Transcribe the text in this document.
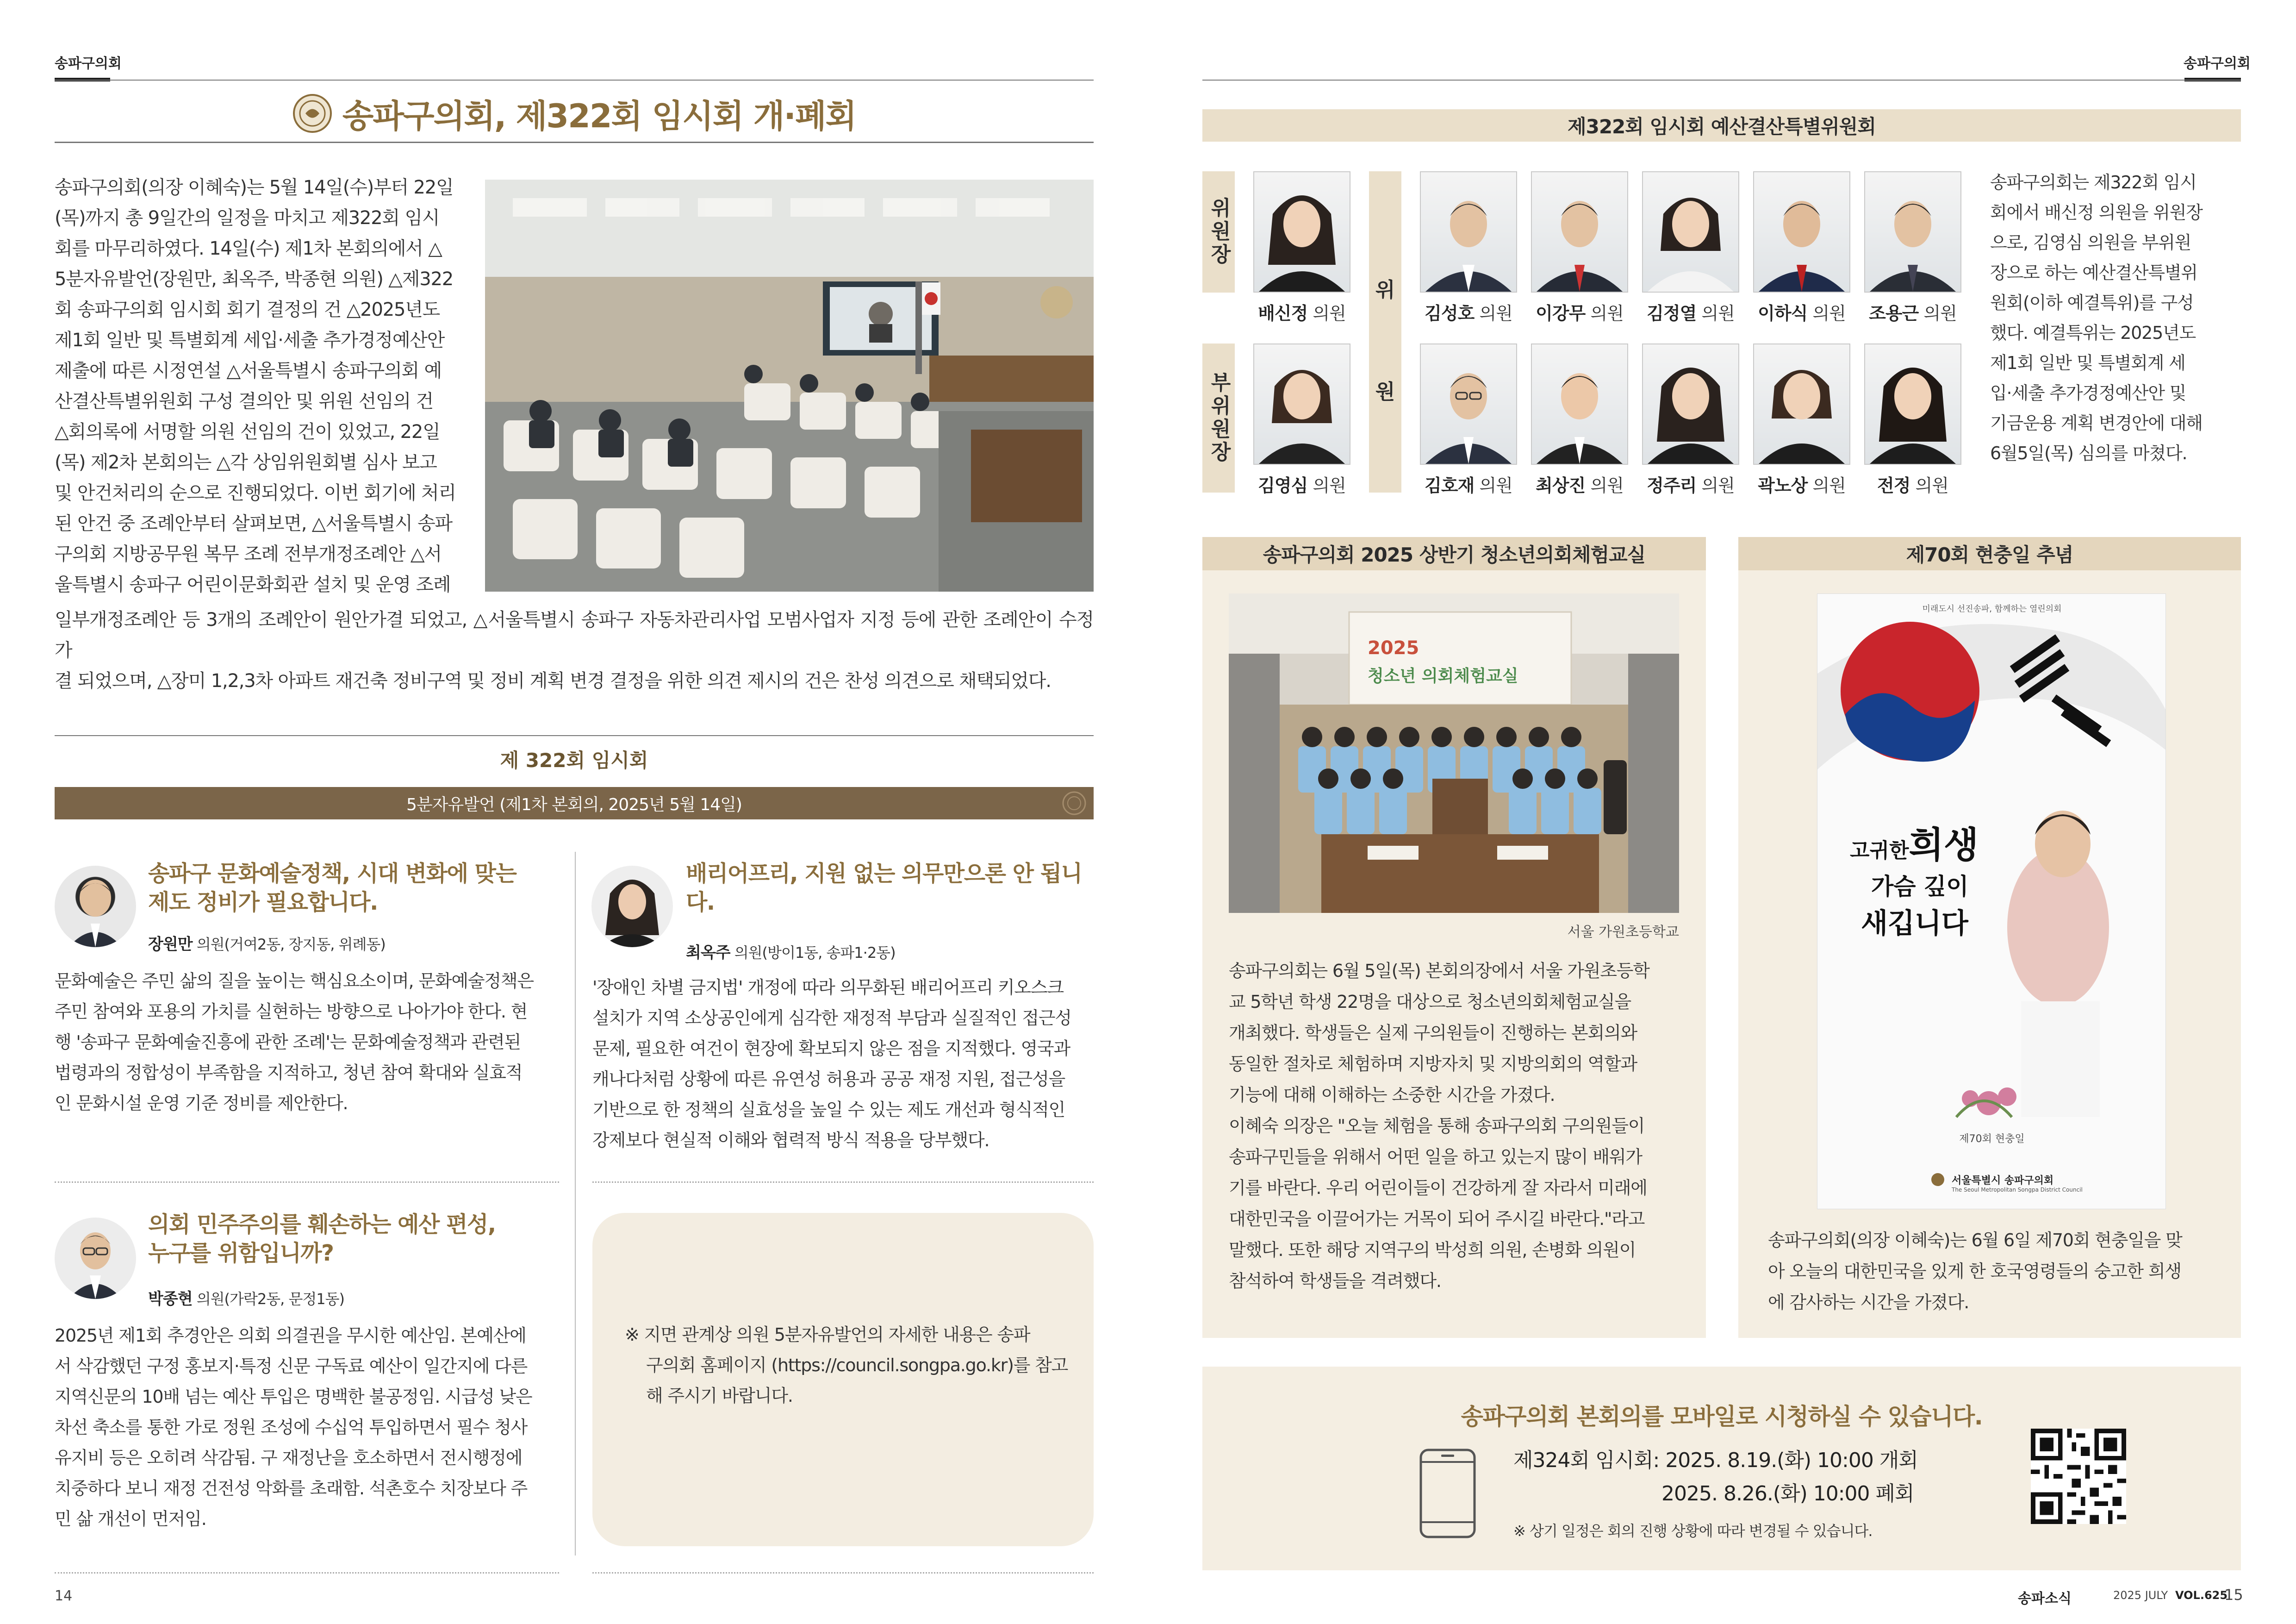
송파구의회
송파구의회, 제322회 임시회 개·폐회
송파구의회(의장 이혜숙)는 5월 14일(수)부터 22일
(목)까지 총 9일간의 일정을 마치고 제322회 임시
회를 마무리하였다. 14일(수) 제1차 본회의에서 △
5분자유발언(장원만, 최옥주, 박종현 의원) △제322
회 송파구의회 임시회 회기 결정의 건 △2025년도
제1회 일반 및 특별회계 세입·세출 추가경정예산안
제출에 따른 시정연설 △서울특별시 송파구의회 예
산결산특별위원회 구성 결의안 및 위원 선임의 건
△회의록에 서명할 의원 선임의 건이 있었고, 22일
(목) 제2차 본회의는 △각 상임위원회별 심사 보고
및 안건처리의 순으로 진행되었다. 이번 회기에 처리
된 안건 중 조례안부터 살펴보면, △서울특별시 송파
구의회 지방공무원 복무 조례 전부개정조례안 △서
울특별시 송파구 어린이문화회관 설치 및 운영 조례
일부개정조례안 등 3개의 조례안이 원안가결 되었고, △서울특별시 송파구 자동차관리사업 모범사업자 지정 등에 관한 조례안이 수정가
결 되었으며, △장미 1,2,3차 아파트 재건축 정비구역 및 정비 계획 변경 결정을 위한 의견 제시의 건은 찬성 의견으로 채택되었다.
제 322회 임시회
5분자유발언 (제1차 본회의, 2025년 5월 14일)
송파구 문화예술정책, 시대 변화에 맞는
제도 정비가 필요합니다.
장원만 의원(거여2동, 장지동, 위례동)
문화예술은 주민 삶의 질을 높이는 핵심요소이며, 문화예술정책은
주민 참여와 포용의 가치를 실현하는 방향으로 나아가야 한다. 현
행 '송파구 문화예술진흥에 관한 조례'는 문화예술정책과 관련된
법령과의 정합성이 부족함을 지적하고, 청년 참여 확대와 실효적
인 문화시설 운영 기준 정비를 제안한다.
배리어프리, 지원 없는 의무만으론 안 됩니다.
최옥주 의원(방이1동, 송파1·2동)
'장애인 차별 금지법' 개정에 따라 의무화된 배리어프리 키오스크
설치가 지역 소상공인에게 심각한 재정적 부담과 실질적인 접근성
문제, 필요한 여건이 현장에 확보되지 않은 점을 지적했다. 영국과
캐나다처럼 상황에 따른 유연성 허용과 공공 재정 지원, 접근성을
기반으로 한 정책의 실효성을 높일 수 있는 제도 개선과 형식적인
강제보다 현실적 이해와 협력적 방식 적용을 당부했다.
의회 민주주의를 훼손하는 예산 편성,
누구를 위함입니까?
박종현 의원(가락2동, 문정1동)
2025년 제1회 추경안은 의회 의결권을 무시한 예산임. 본예산에
서 삭감했던 구정 홍보지·특정 신문 구독료 예산이 일간지에 다른
지역신문의 10배 넘는 예산 투입은 명백한 불공정임. 시급성 낮은
차선 축소를 통한 가로 정원 조성에 수십억 투입하면서 필수 청사
유지비 등은 오히려 삭감됨. 구 재정난을 호소하면서 전시행정에
치중하다 보니 재정 건전성 악화를 초래함. 석촌호수 치장보다 주
민 삶 개선이 먼저임.
※ 지면 관계상 의원 5분자유발언의 자세한 내용은 송파
구의회 홈페이지 (https://council.songpa.go.kr)를 참고
해 주시기 바랍니다.
14
송파구의회
제322회 임시회 예산결산특별위원회
위원장
부위원장
위
원
배신정 의원
김영심 의원
김성호 의원 이강무 의원 김정열 의원 이하식 의원 조용근 의원
김호재 의원 최상진 의원 정주리 의원 곽노상 의원	전정 의원
송파구의회는 제322회 임시
회에서 배신정 의원을 위원장
으로, 김영심 의원을 부위원
장으로 하는 예산결산특별위
원회(이하 예결특위)를 구성
했다. 예결특위는 2025년도
제1회 일반 및 특별회계 세
입·세출 추가경정예산안 및
기금운용 계획 변경안에 대해
6월5일(목) 심의를 마쳤다.
송파구의회 2025 상반기 청소년의회체험교실
2025
청소년 의회체험교실
서울 가원초등학교
송파구의회는 6월 5일(목) 본회의장에서 서울 가원초등학
교 5학년 학생 22명을 대상으로 청소년의회체험교실을
개최했다. 학생들은 실제 구의원들이 진행하는 본회의와
동일한 절차로 체험하며 지방자치 및 지방의회의 역할과
기능에 대해 이해하는 소중한 시간을 가졌다.
이혜숙 의장은 "오늘 체험을 통해 송파구의회 구의원들이
송파구민들을 위해서 어떤 일을 하고 있는지 많이 배워가
기를 바란다. 우리 어린이들이 건강하게 잘 자라서 미래에
대한민국을 이끌어가는 거목이 되어 주시길 바란다."라고
말했다. 또한 해당 지역구의 박성희 의원, 손병화 의원이
참석하여 학생들을 격려했다.
제70회 현충일 추념
미래도시 선진송파, 함께하는 열린의회
고귀한희생
가슴 깊이
새깁니다
제70회 현충일
서울특별시 송파구의회
The Seoul Metropolitan Songpa District Council
송파구의회(의장 이혜숙)는 6월 6일 제70회 현충일을 맞
아 오늘의 대한민국을 있게 한 호국영령들의 숭고한 희생
에 감사하는 시간을 가졌다.
송파구의회 본회의를 모바일로 시청하실 수 있습니다.
제324회 임시회: 2025. 8.19.(화) 10:00 개회
2025. 8.26.(화) 10:00 폐회
※ 상기 일정은 회의 진행 상황에 따라 변경될 수 있습니다.
송파소식	2025 JULY VOL.625
15
